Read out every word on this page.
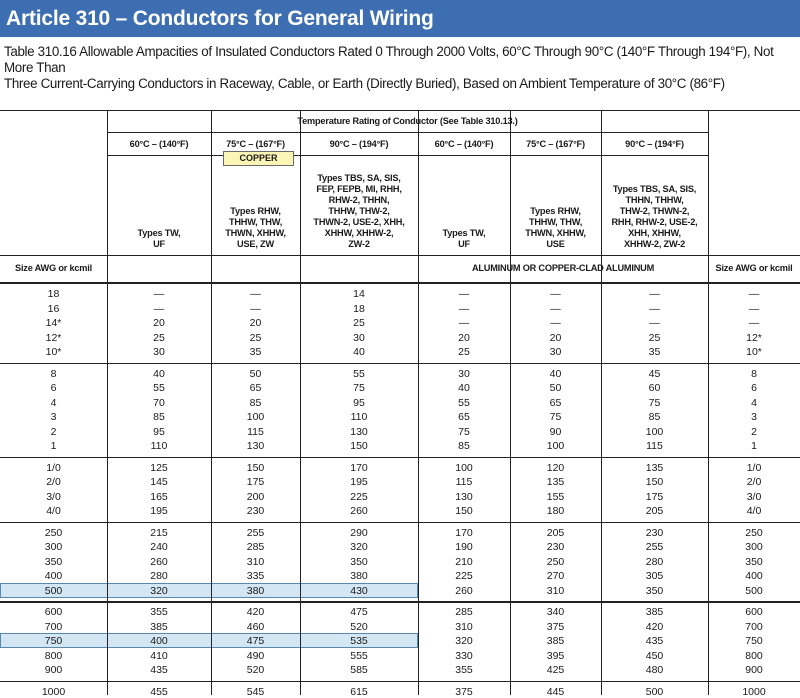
Article 310 – Conductors for General Wiring
Table 310.16 Allowable Ampacities of Insulated Conductors Rated 0 Through 2000 Volts, 60°C Through 90°C (140°F Through 194°F), Not More Than
Three Current-Carrying Conductors in Raceway, Cable, or Earth (Directly Buried), Based on Ambient Temperature of 30°C (86°F)
Temperature Rating of Conductor (See Table 310.13.)
60°C – (140°F)	75°C – (167°F)	90°C – (194°F)	60°C – (140°F)	75°C – (167°F)	90°C – (194°F)
Types TW,
UF
Types RHW,
THHW, THW,
THWN, XHHW,
USE, ZW
Types TBS, SA, SIS,
FEP, FEPB, MI, RHH,
RHW-2, THHN,
THHW, THW-2,
THWN-2, USE-2, XHH,
XHHW, XHHW-2,
ZW-2
Types TW,
UF
Types RHW,
THHW, THW,
THWN, XHHW,
USE
Types TBS, SA, SIS,
THHN, THHW,
THW-2, THWN-2,
RHH, RHW-2, USE-2,
XHH, XHHW,
XHHW-2, ZW-2
Size AWG or kcmil	Size AWG or kcmil
COPPER
ALUMINUM OR COPPER-CLAD ALUMINUM
18	—	—	14	—	—	—	—
16	—	—	18	—	—	—	—
14*	20	20	25	—	—	—	—
12*	25	25	30	20	20	25	12*
10*	30	35	40	25	30	35	10*
8	40	50	55	30	40	45	8
6	55	65	75	40	50	60	6
4	70	85	95	55	65	75	4
3	85	100	110	65	75	85	3
2	95	115	130	75	90	100	2
1	110	130	150	85	100	115	1
1/0	125	150	170	100	120	135	1/0
2/0	145	175	195	115	135	150	2/0
3/0	165	200	225	130	155	175	3/0
4/0	195	230	260	150	180	205	4/0
250	215	255	290	170	205	230	250
300	240	285	320	190	230	255	300
350	260	310	350	210	250	280	350
400	280	335	380	225	270	305	400
500	320	380	430	260	310	350	500
600	355	420	475	285	340	385	600
700	385	460	520	310	375	420	700
750	400	475	535	320	385	435	750
800	410	490	555	330	395	450	800
900	435	520	585	355	425	480	900
1000	455	545	615	375	445	500	1000
